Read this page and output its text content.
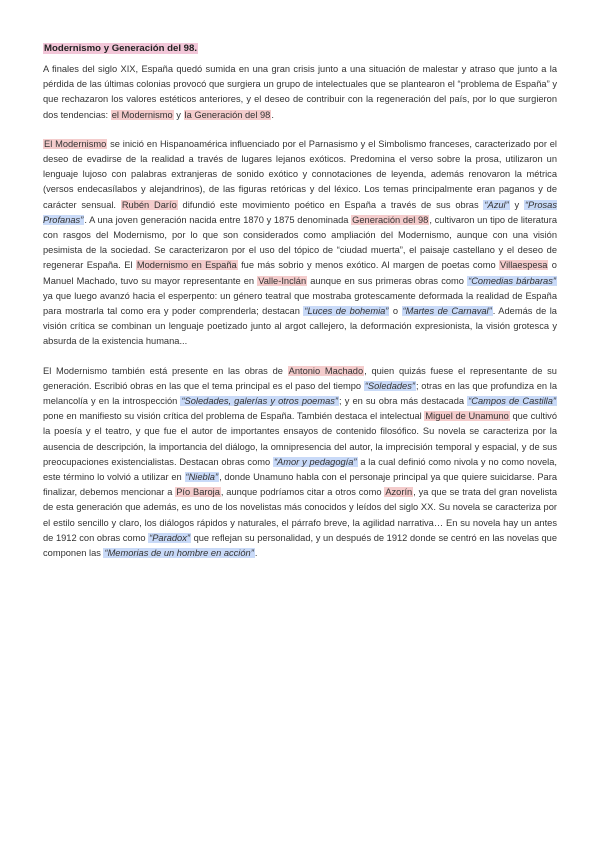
Modernismo y Generación del 98.

A finales del siglo XIX, España quedó sumida en una gran crisis junto a una situación de malestar y atraso que junto a la pérdida de las últimas colonias provocó que surgiera un grupo de intelectuales que se plantearon el “problema de España” y que rechazaron los valores estéticos anteriores, y el deseo de contribuir con la regeneración del país, por lo que surgieron dos tendencias: el Modernismo y la Generación del 98.

El Modernismo se inició en Hispanoamérica influenciado por el Parnasismo y el Simbolismo franceses, caracterizado por el deseo de evadirse de la realidad a través de lugares lejanos exóticos. Predomina el verso sobre la prosa, utilizaron un lenguaje lujoso con palabras extranjeras de sonido exótico y connotaciones de leyenda, además renovaron la métrica (versos endecasílabos y alejandrinos), de las figuras retóricas y del léxico. Los temas principalmente eran paganos y de carácter sensual. Rubén Darío difundió este movimiento poético en España a través de sus obras “Azul” y “Prosas Profanas”. A una joven generación nacida entre 1870 y 1875 denominada Generación del 98, cultivaron un tipo de literatura con rasgos del Modernismo, por lo que son considerados como ampliación del Modernismo, aunque con una visión pesimista de la sociedad. Se caracterizaron por el uso del tópico de “ciudad muerta”, el paisaje castellano y el deseo de regenerar España. El Modernismo en España fue más sobrio y menos exótico. Al margen de poetas como Villaespesa o Manuel Machado, tuvo su mayor representante en Valle-Inclán aunque en sus primeras obras como “Comedias bárbaras” ya que luego avanzó hacia el esperpento: un género teatral que mostraba grotescamente deformada la realidad de España para mostrarla tal como era y poder comprenderla; destacan “Luces de bohemia” o “Martes de Carnaval”. Además de la visión crítica se combinan un lenguaje poetizado junto al argot callejero, la deformación expresionista, la visión grotesca y absurda de la existencia humana...

El Modernismo también está presente en las obras de Antonio Machado, quien quizás fuese el representante de su generación. Escribió obras en las que el tema principal es el paso del tiempo “Soledades”; otras en las que profundiza en la melancolía y en la introspección “Soledades, galerías y otros poemas”; y en su obra más destacada “Campos de Castilla” pone en manifiesto su visión crítica del problema de España. También destaca el intelectual Miguel de Unamuno que cultivó la poesía y el teatro, y que fue el autor de importantes ensayos de contenido filosófico. Su novela se caracteriza por la ausencia de descripción, la importancia del diálogo, la omnipresencia del autor, la imprecisión temporal y espacial, y de sus preocupaciones existencialistas. Destacan obras como “Amor y pedagogía” a la cual definió como nivola y no como novela, este término lo volvió a utilizar en “Niebla”, donde Unamuno habla con el personaje principal ya que quiere suicidarse. Para finalizar, debemos mencionar a Pío Baroja, aunque podríamos citar a otros como Azorín, ya que se trata del gran novelista de esta generación que además, es uno de los novelistas más conocidos y leídos del siglo XX. Su novela se caracteriza por el estilo sencillo y claro, los diálogos rápidos y naturales, el párrafo breve, la agilidad narrativa… En su novela hay un antes de 1912 con obras como “Paradox” que reflejan su personalidad, y un después de 1912 donde se centró en las novelas que componen las “Memorias de un hombre en acción”.
